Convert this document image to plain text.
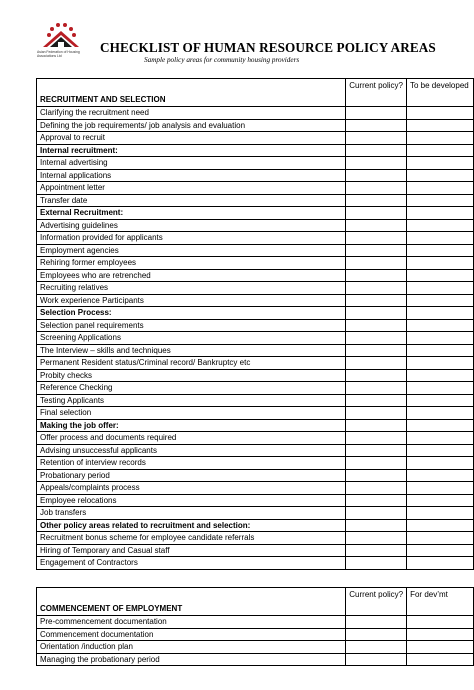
Asian Federation of Housing Associations Ltd
CHECKLIST OF HUMAN RESOURCE POLICY AREAS
Sample policy areas for community housing providers
RECRUITMENT AND SELECTION	Current policy?	To be developed
Clarifying the recruitment need		
Defining the job requirements/ job analysis and evaluation		
Approval to recruit		
Internal recruitment:		
Internal advertising		
Internal applications		
Appointment letter		
Transfer date		
External Recruitment:		
Advertising guidelines		
Information provided for applicants		
Employment agencies		
Rehiring former employees		
Employees who are retrenched		
Recruiting relatives		
Work experience Participants		
Selection Process:		
Selection panel requirements		
Screening Applications		
The Interview – skills and techniques		
Permanent Resident status/Criminal record/ Bankruptcy etc		
Probity checks		
Reference Checking		
Testing Applicants		
Final selection		
Making the job offer:		
Offer process and documents required		
Advising unsuccessful applicants		
Retention of interview records		
Probationary period		
Appeals/complaints process		
Employee relocations		
Job transfers		
Other policy areas related to recruitment and selection:		
Recruitment bonus scheme for employee candidate referrals		
Hiring of Temporary and Casual staff		
Engagement of Contractors		
COMMENCEMENT OF EMPLOYMENT	Current policy?	For dev’mt
Pre-commencement documentation		
Commencement documentation		
Orientation /induction plan		
Managing the probationary period		
